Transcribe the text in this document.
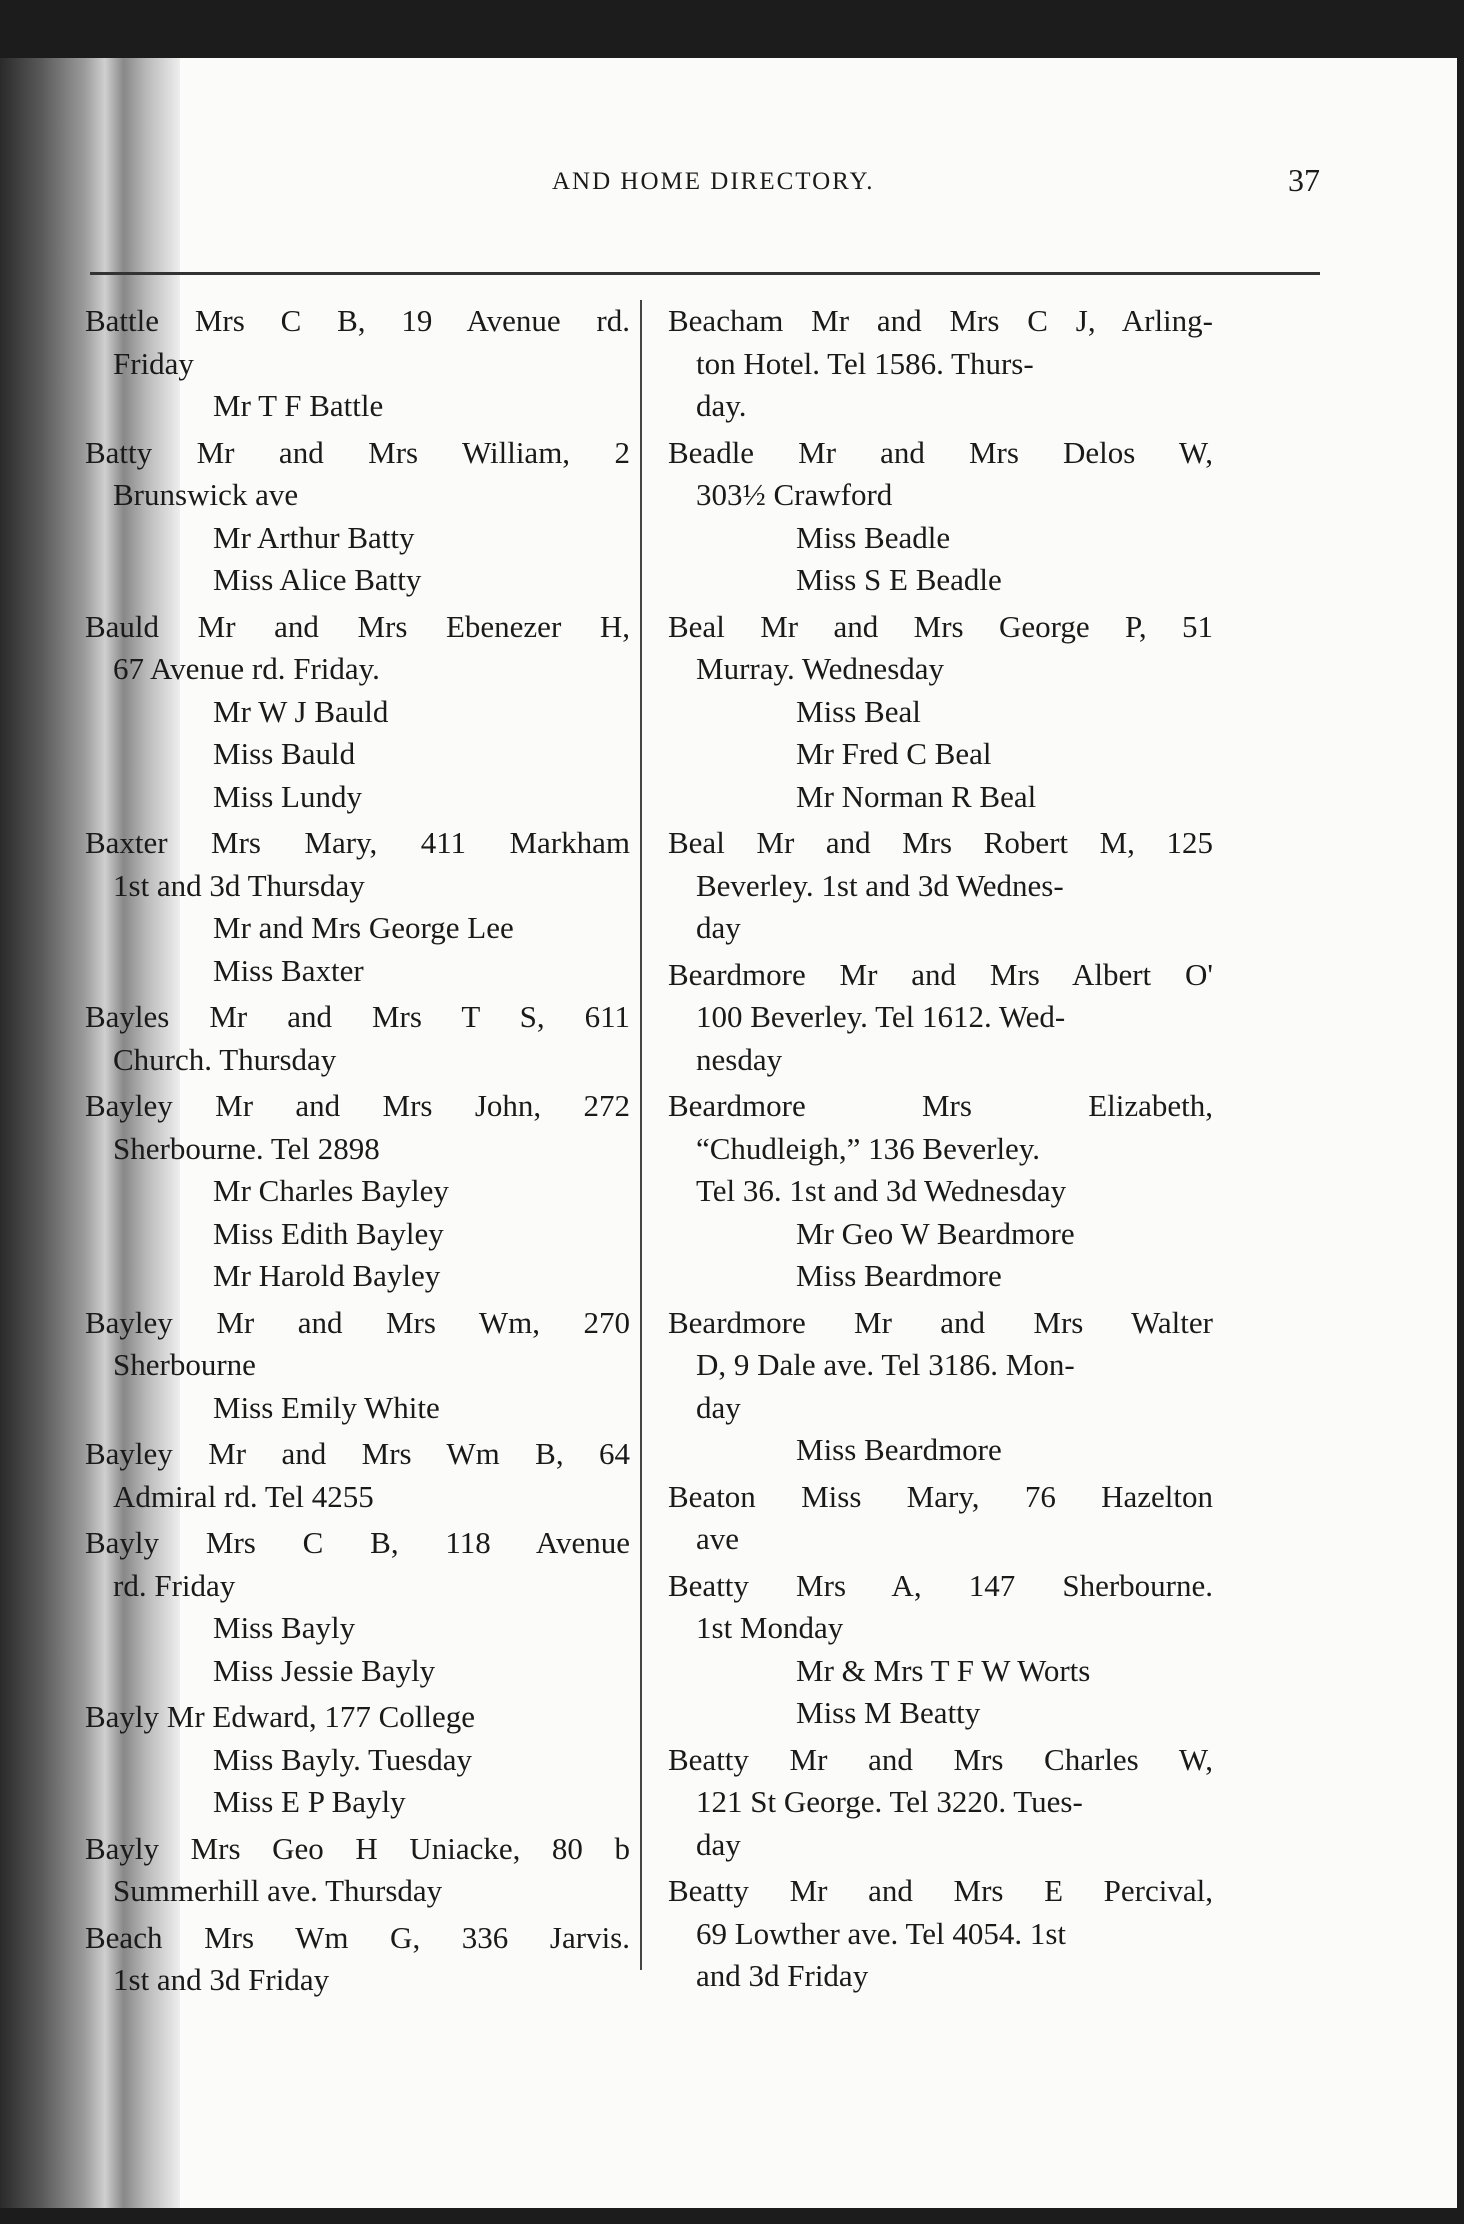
AND HOME DIRECTORY.	37

Battle Mrs C B, 19 Avenue rd.

Friday

Mr T F Battle

Batty Mr and Mrs William, 2

Brunswick ave

Mr Arthur Batty

Miss Alice Batty

Bauld Mr and Mrs Ebenezer H,

67 Avenue rd. Friday.

Mr W J Bauld

Miss Bauld

Miss Lundy

Baxter Mrs Mary, 411 Markham

1st and 3d Thursday

Mr and Mrs George Lee

Miss Baxter

Bayles Mr and Mrs T S, 611

Church. Thursday

Bayley Mr and Mrs John, 272

Sherbourne. Tel 2898

Mr Charles Bayley

Miss Edith Bayley

Mr Harold Bayley

Bayley Mr and Mrs Wm, 270

Sherbourne

Miss Emily White

Bayley Mr and Mrs Wm B, 64

Admiral rd. Tel 4255

Bayly Mrs C B, 118 Avenue

rd. Friday

Miss Bayly

Miss Jessie Bayly

Bayly Mr Edward, 177 College

Miss Bayly. Tuesday

Miss E P Bayly

Bayly Mrs Geo H Uniacke, 80 b

Summerhill ave. Thursday

Beach Mrs Wm G, 336 Jarvis.

1st and 3d Friday

Beacham Mr and Mrs C J, Arling-

ton Hotel. Tel 1586. Thurs-

day.

Beadle Mr and Mrs Delos W,

303½ Crawford

Miss Beadle

Miss S E Beadle

Beal Mr and Mrs George P, 51

Murray. Wednesday

Miss Beal

Mr Fred C Beal

Mr Norman R Beal

Beal Mr and Mrs Robert M, 125

Beverley. 1st and 3d Wednes-

day

Beardmore Mr and Mrs Albert O'

100 Beverley. Tel 1612. Wed-

nesday

Beardmore Mrs Elizabeth,

“Chudleigh,” 136 Beverley.

Tel 36. 1st and 3d Wednesday

Mr Geo W Beardmore

Miss Beardmore

Beardmore Mr and Mrs Walter

D, 9 Dale ave. Tel 3186. Mon-

day

Miss Beardmore

Beaton Miss Mary, 76 Hazelton

ave

Beatty Mrs A, 147 Sherbourne.

1st Monday

Mr & Mrs T F W Worts

Miss M Beatty

Beatty Mr and Mrs Charles W,

121 St George. Tel 3220. Tues-

day

Beatty Mr and Mrs E Percival,

69 Lowther ave. Tel 4054. 1st

and 3d Friday
